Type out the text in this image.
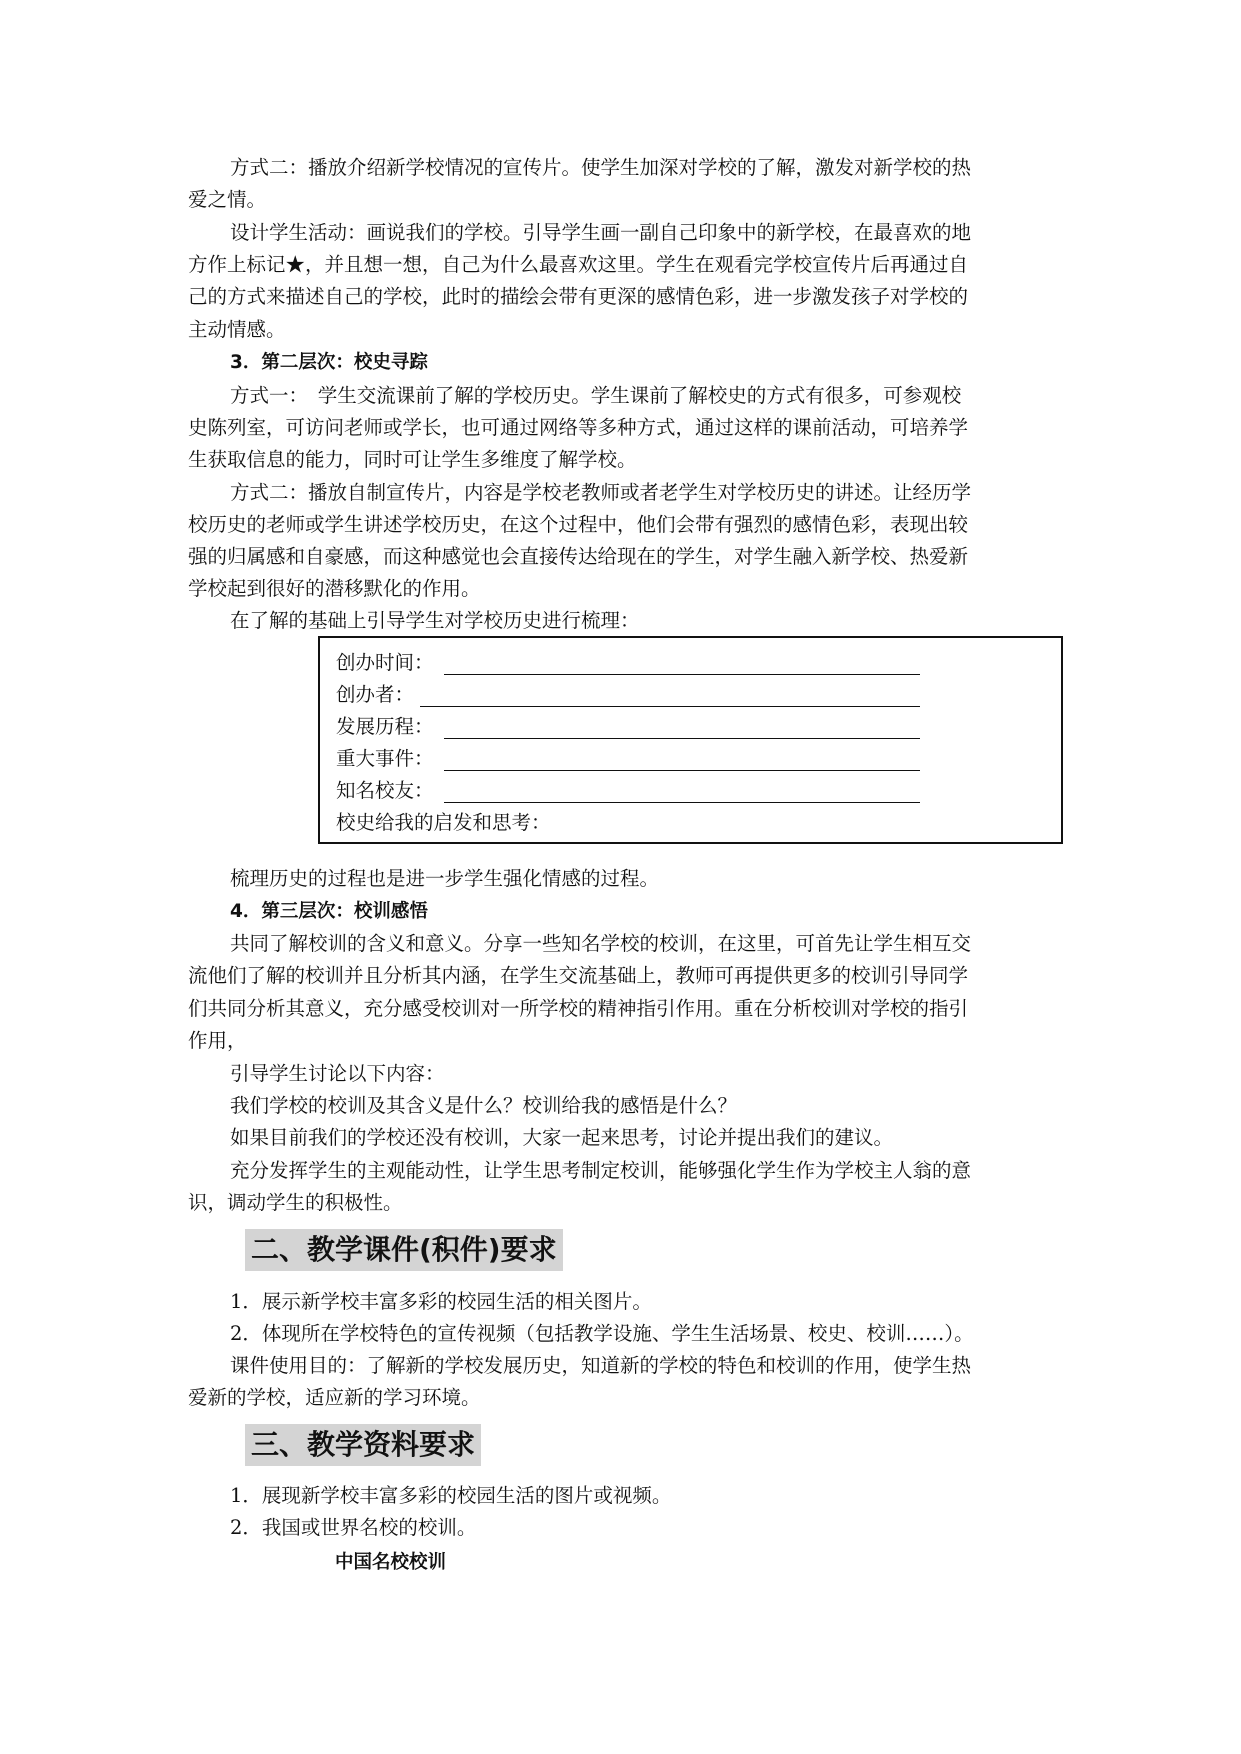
方式二：播放介绍新学校情况的宣传片。使学生加深对学校的了解，激发对新学校的热
爱之情。
设计学生活动：画说我们的学校。引导学生画一副自己印象中的新学校，在最喜欢的地
方作上标记★，并且想一想，自己为什么最喜欢这里。学生在观看完学校宣传片后再通过自
己的方式来描述自己的学校，此时的描绘会带有更深的感情色彩，进一步激发孩子对学校的
主动情感。
3．第二层次：校史寻踪
方式一：　学生交流课前了解的学校历史。学生课前了解校史的方式有很多，可参观校
史陈列室，可访问老师或学长，也可通过网络等多种方式，通过这样的课前活动，可培养学
生获取信息的能力，同时可让学生多维度了解学校。
方式二：播放自制宣传片，内容是学校老教师或者老学生对学校历史的讲述。让经历学
校历史的老师或学生讲述学校历史，在这个过程中，他们会带有强烈的感情色彩，表现出较
强的归属感和自豪感，而这种感觉也会直接传达给现在的学生，对学生融入新学校、热爱新
学校起到很好的潜移默化的作用。
在了解的基础上引导学生对学校历史进行梳理：
创办时间：
创办者：
发展历程：
重大事件：
知名校友：
校史给我的启发和思考：
梳理历史的过程也是进一步学生强化情感的过程。
4．第三层次：校训感悟
共同了解校训的含义和意义。分享一些知名学校的校训，在这里，可首先让学生相互交
流他们了解的校训并且分析其内涵，在学生交流基础上，教师可再提供更多的校训引导同学
们共同分析其意义，充分感受校训对一所学校的精神指引作用。重在分析校训对学校的指引
作用，
引导学生讨论以下内容：
我们学校的校训及其含义是什么？校训给我的感悟是什么？
如果目前我们的学校还没有校训，大家一起来思考，讨论并提出我们的建议。
充分发挥学生的主观能动性，让学生思考制定校训，能够强化学生作为学校主人翁的意
识，调动学生的积极性。
二、教学课件(积件)要求
1．展示新学校丰富多彩的校园生活的相关图片。
2．体现所在学校特色的宣传视频（包括教学设施、学生生活场景、校史、校训……）。
课件使用目的：了解新的学校发展历史，知道新的学校的特色和校训的作用，使学生热
爱新的学校，适应新的学习环境。
三、教学资料要求
1．展现新学校丰富多彩的校园生活的图片或视频。
2．我国或世界名校的校训。
中国名校校训
